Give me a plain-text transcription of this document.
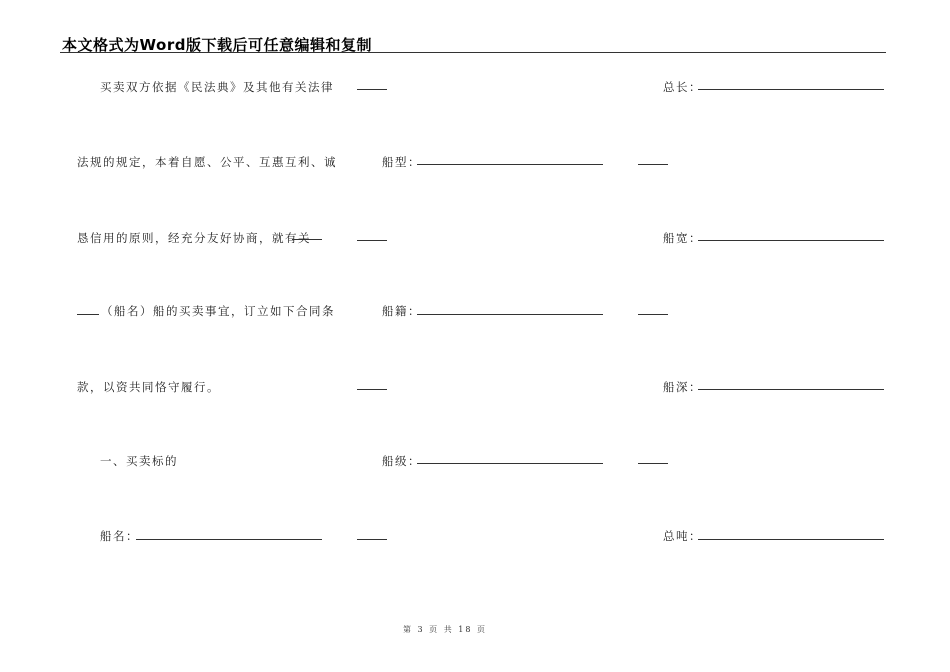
本文格式为Word版下载后可任意编辑和复制
买卖双方依据《民法典》及其他有关法律
法规的规定，本着自愿、公平、互惠互利、诚
恳信用的原则，经充分友好协商，就有关
（船名）船的买卖事宜，订立如下合同条
款，以资共同恪守履行。
一、买卖标的
船名：
船型：
船籍：
船级：
总长：
船宽：
船深：
总吨：
第 3 页 共 18 页
